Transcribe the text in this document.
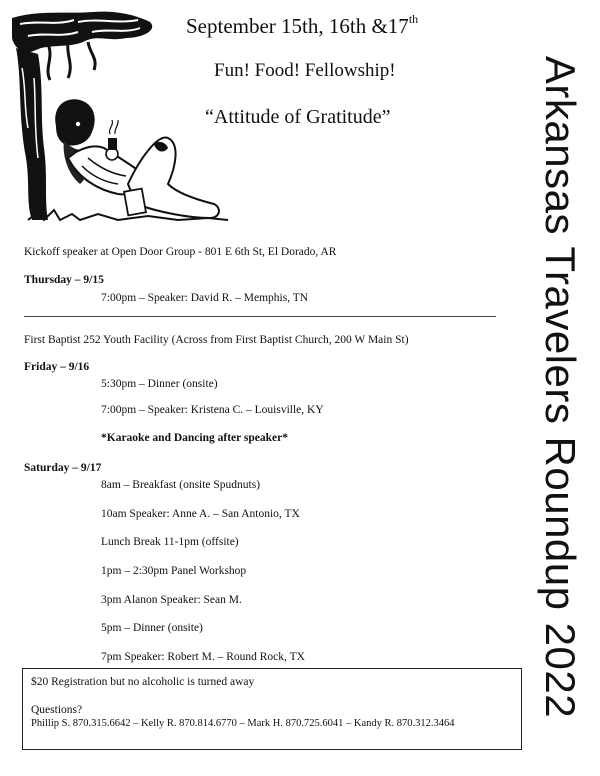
September 15th, 16th &17th
Fun! Food! Fellowship!
“Attitude of Gratitude”	Arkansas Travelers Roundup 2022
Kickoff speaker at Open Door Group - 801 E 6th St, El Dorado, AR
Thursday – 9/15
7:00pm – Speaker: David R. – Memphis, TN
First Baptist 252 Youth Facility (Across from First Baptist Church, 200 W Main St)
Friday – 9/16
5:30pm – Dinner (onsite)
7:00pm – Speaker: Kristena C. – Louisville, KY
*Karaoke and Dancing after speaker*
Saturday – 9/17
8am – Breakfast (onsite Spudnuts)
10am Speaker: Anne A. – San Antonio, TX
Lunch Break 11-1pm (offsite)
1pm – 2:30pm Panel Workshop
3pm Alanon Speaker: Sean M.
5pm – Dinner (onsite)
7pm Speaker: Robert M. – Round Rock, TX
$20 Registration but no alcoholic is turned away
Questions?
Phillip S. 870.315.6642 – Kelly R. 870.814.6770 – Mark H. 870.725.6041 – Kandy R. 870.312.3464
